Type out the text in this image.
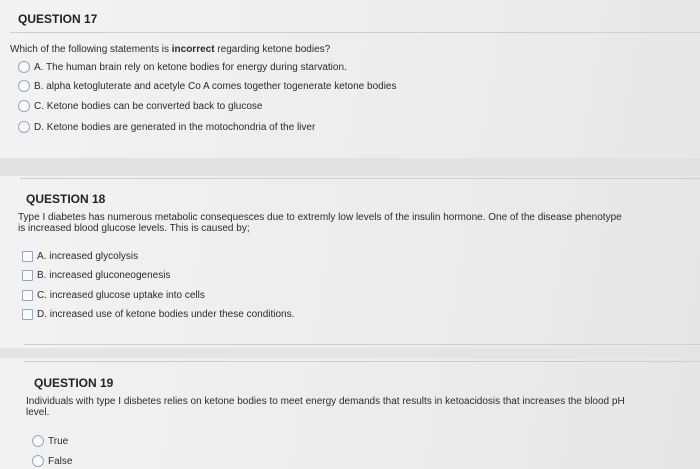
QUESTION 17
Which of the following statements is incorrect regarding ketone bodies?
A. The human brain rely on ketone bodies for energy during starvation.
B. alpha ketogluterate and acetyle Co A comes together togenerate ketone bodies
C. Ketone bodies can be converted back to glucose
D. Ketone bodies are generated in the motochondria of the liver
QUESTION 18
Type I diabetes has numerous metabolic consequesces due to extremly low levels of the insulin hormone. One of the disease phenotype
is increased blood glucose levels. This is caused by;
A. increased glycolysis
B. increased gluconeogenesis
C. increased glucose uptake into cells
D. increased use of ketone bodies under these conditions.
QUESTION 19
Individuals with type I disbetes relies on ketone bodies to meet energy demands that results in ketoacidosis that increases the blood pH
level.
True
False
